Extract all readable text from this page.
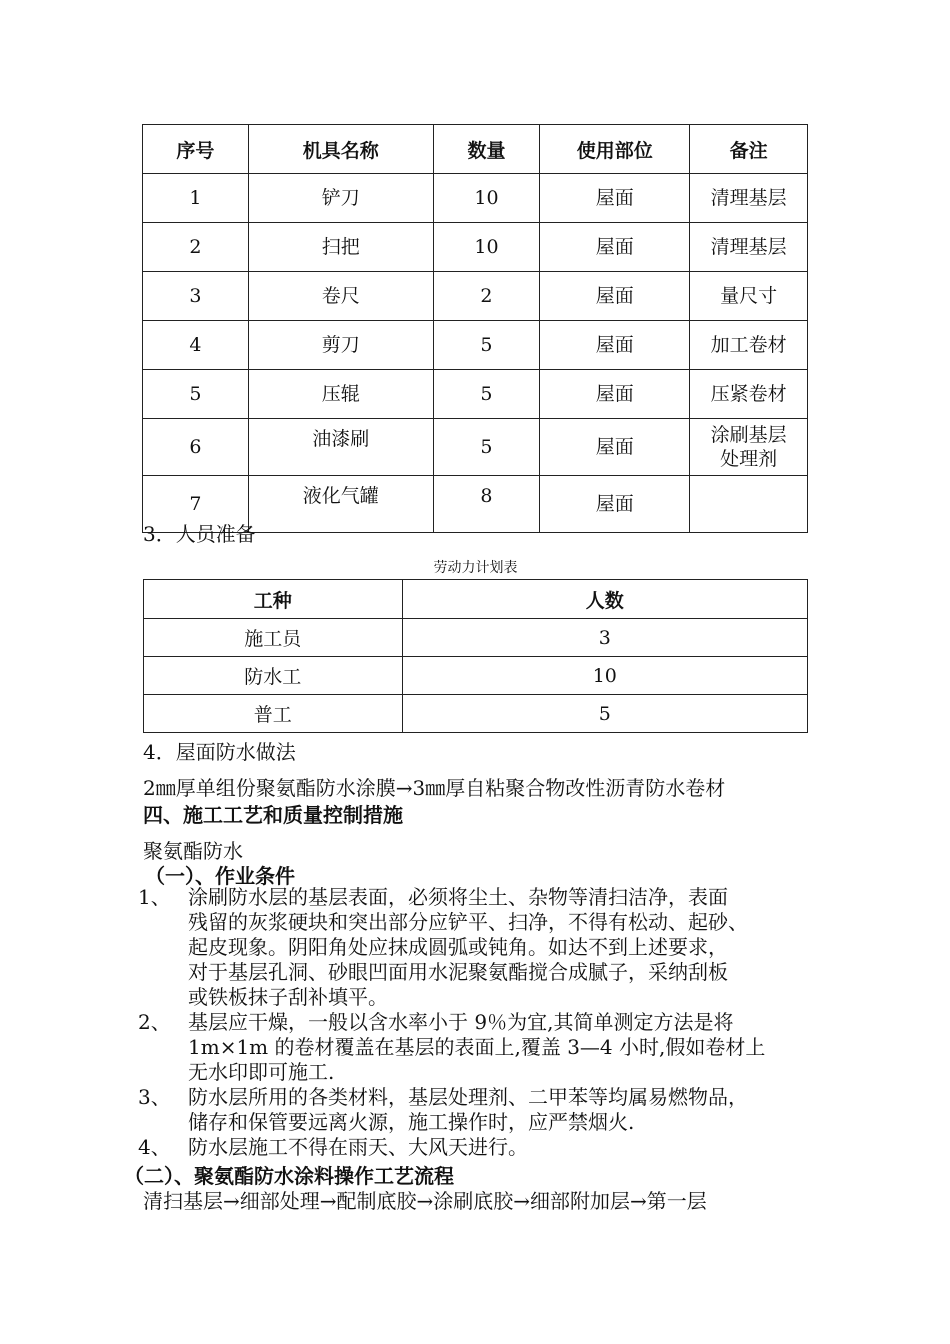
序号	机具名称	数量	使用部位	备注
1	铲刀	10	屋面	清理基层
2	扫把	10	屋面	清理基层
3	卷尺	2	屋面	量尺寸
4	剪刀	5	屋面	加工卷材
5	压辊	5	屋面	压紧卷材
6	油漆刷	5	屋面	涂刷基层
处理剂

7	液化气罐	8	屋面	
3．人员准备
劳动力计划表
工种	人数
施工员	3
防水工	10
普工	5
4．屋面防水做法
2㎜厚单组份聚氨酯防水涂膜→3㎜厚自粘聚合物改性沥青防水卷材
四、施工工艺和质量控制措施
聚氨酯防水
（一）、作业条件
1、 涂刷防水层的基层表面，必须将尘土、杂物等清扫洁净，表面
残留的灰浆硬块和突出部分应铲平、扫净，不得有松动、起砂、
起皮现象。阴阳角处应抹成圆弧或钝角。如达不到上述要求，
对于基层孔洞、砂眼凹面用水泥聚氨酯搅合成腻子，采纳刮板
或铁板抹子刮补填平。
2、 基层应干燥，一般以含水率小于 9％为宜,其简单测定方法是将
1m×1m 的卷材覆盖在基层的表面上,覆盖 3—4 小时,假如卷材上
无水印即可施工.
3、 防水层所用的各类材料，基层处理剂、二甲苯等均属易燃物品，
储存和保管要远离火源，施工操作时，应严禁烟火.
4、 防水层施工不得在雨天、大风天进行。
（二）、聚氨酯防水涂料操作工艺流程
清扫基层→细部处理→配制底胶→涂刷底胶→细部附加层→第一层
